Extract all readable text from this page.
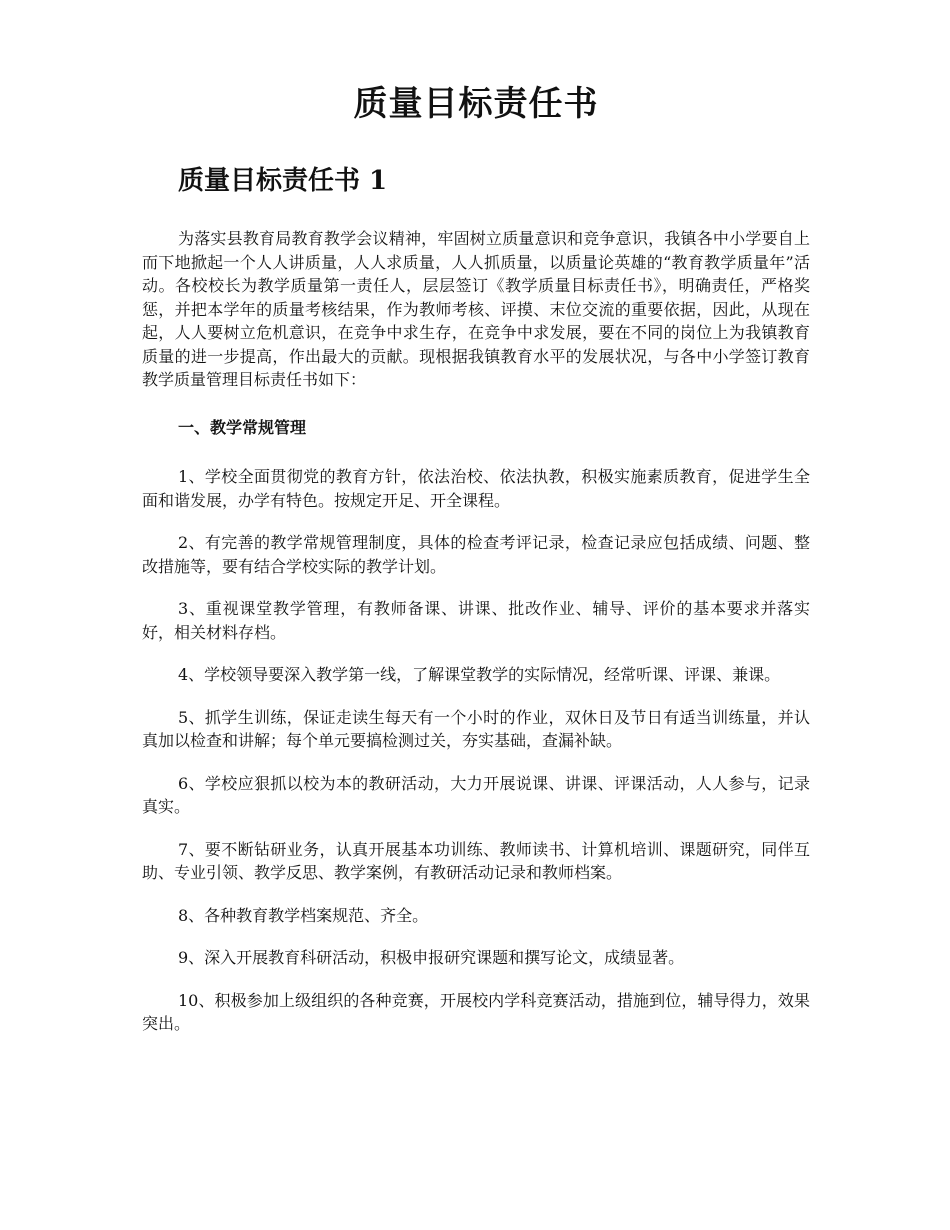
质量目标责任书
质量目标责任书 1

为落实县教育局教育教学会议精神，牢固树立质量意识和竞争意识，我镇各中小学要自上而下地掀起一个人人讲质量，人人求质量，人人抓质量，以质量论英雄的“教育教学质量年”活动。各校校长为教学质量第一责任人，层层签订《教学质量目标责任书》，明确责任，严格奖惩，并把本学年的质量考核结果，作为教师考核、评摸、末位交流的重要依据，因此，从现在起，人人要树立危机意识，在竞争中求生存，在竞争中求发展，要在不同的岗位上为我镇教育质量的进一步提高，作出最大的贡献。现根据我镇教育水平的发展状况，与各中小学签订教育教学质量管理目标责任书如下：

一、教学常规管理

1、学校全面贯彻党的教育方针，依法治校、依法执教，积极实施素质教育，促进学生全面和谐发展，办学有特色。按规定开足、开全课程。

2、有完善的教学常规管理制度，具体的检查考评记录，检查记录应包括成绩、问题、整改措施等，要有结合学校实际的教学计划。

3、重视课堂教学管理，有教师备课、讲课、批改作业、辅导、评价的基本要求并落实好，相关材料存档。

4、学校领导要深入教学第一线，了解课堂教学的实际情况，经常听课、评课、兼课。

5、抓学生训练，保证走读生每天有一个小时的作业，双休日及节日有适当训练量，并认真加以检查和讲解；每个单元要搞检测过关，夯实基础，查漏补缺。

6、学校应狠抓以校为本的教研活动，大力开展说课、讲课、评课活动，人人参与，记录真实。

7、要不断钻研业务，认真开展基本功训练、教师读书、计算机培训、课题研究，同伴互助、专业引领、教学反思、教学案例，有教研活动记录和教师档案。

8、各种教育教学档案规范、齐全。

9、深入开展教育科研活动，积极申报研究课题和撰写论文，成绩显著。

10、积极参加上级组织的各种竞赛，开展校内学科竞赛活动，措施到位，辅导得力，效果突出。
